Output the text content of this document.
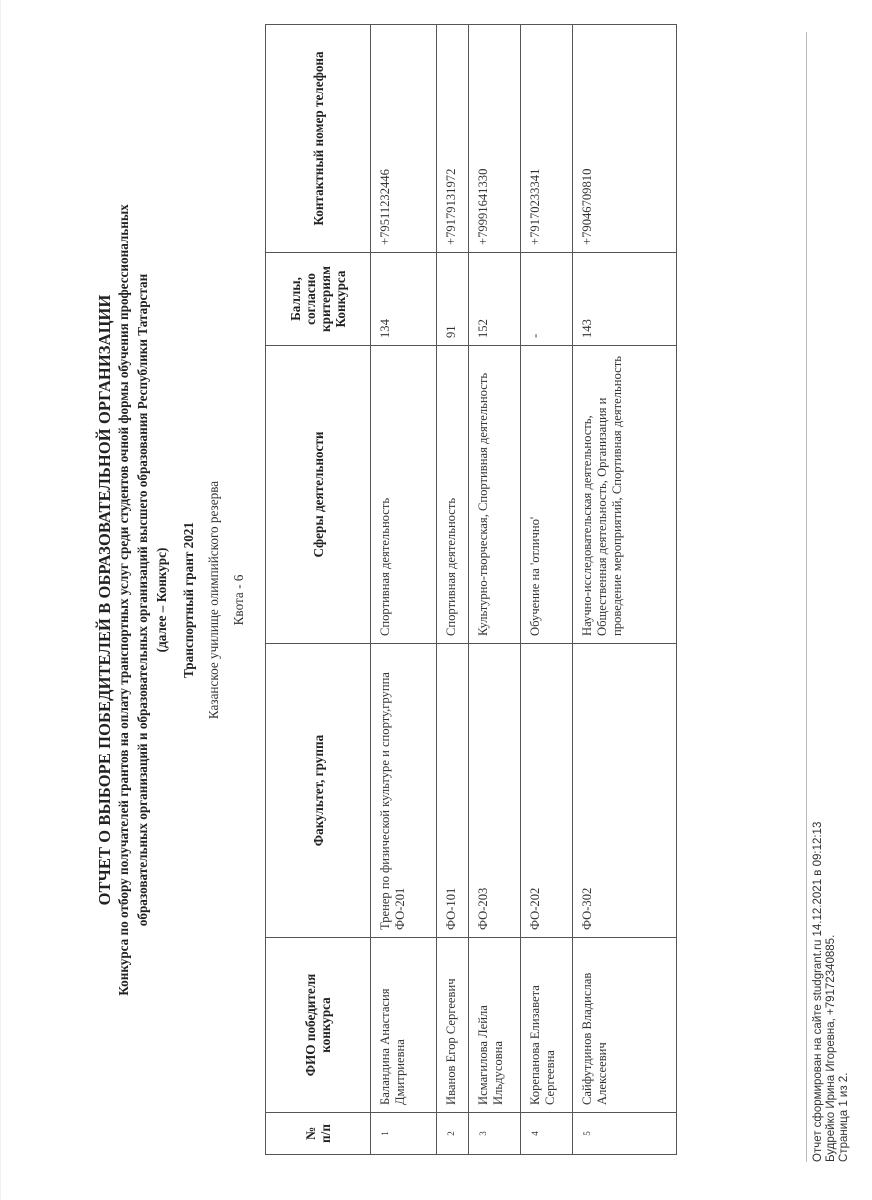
ОТЧЕТ О ВЫБОРЕ ПОБЕДИТЕЛЕЙ В ОБРАЗОВАТЕЛЬНОЙ ОРГАНИЗАЦИИ Конкурса по отбору получателей грантов на оплату транспортных услуг среди студентов очной формы обучения профессиональных образовательных организаций и образовательных организаций высшего образования Республики Татарстан (далее – Конкурс) Транспортный грант 2021 Казанское училище олимпийского резерва Квота - 6
№ п/п	ФИО победителя конкурса	Факультет, группа	Сферы деятельности	Баллы, согласно критериям Конкурса	Контактный номер телефона
1	Баландина Анастасия Дмитриевна	Тренер по физической культуре и спорту,группа ФО-201	Спортивная деятельность	134	+79511232446
2	Иванов Егор Сергеевич	ФО-101	Спортивная деятельность	91	+79179131972
3	Исмагилова Лейла Ильдусовна	ФО-203	Культурно-творческая, Спортивная деятельность	152	+79991641330
4	Корепанова Елизавета Сергеевна	ФО-202	Обучение на 'отлично'	-	+79170233341
5	Сайфутдинов Владислав Алексеевич	ФО-302	Научно-исследовательская деятельность, Общественная деятельность, Организация и проведение мероприятий, Спортивная деятельность	143	+79046709810
Отчет сформирован на сайте studgrant.ru 14.12.2021 в 09:12:13 Будрейко Ирина Игоревна, +79172340885. Страница 1 из 2.
